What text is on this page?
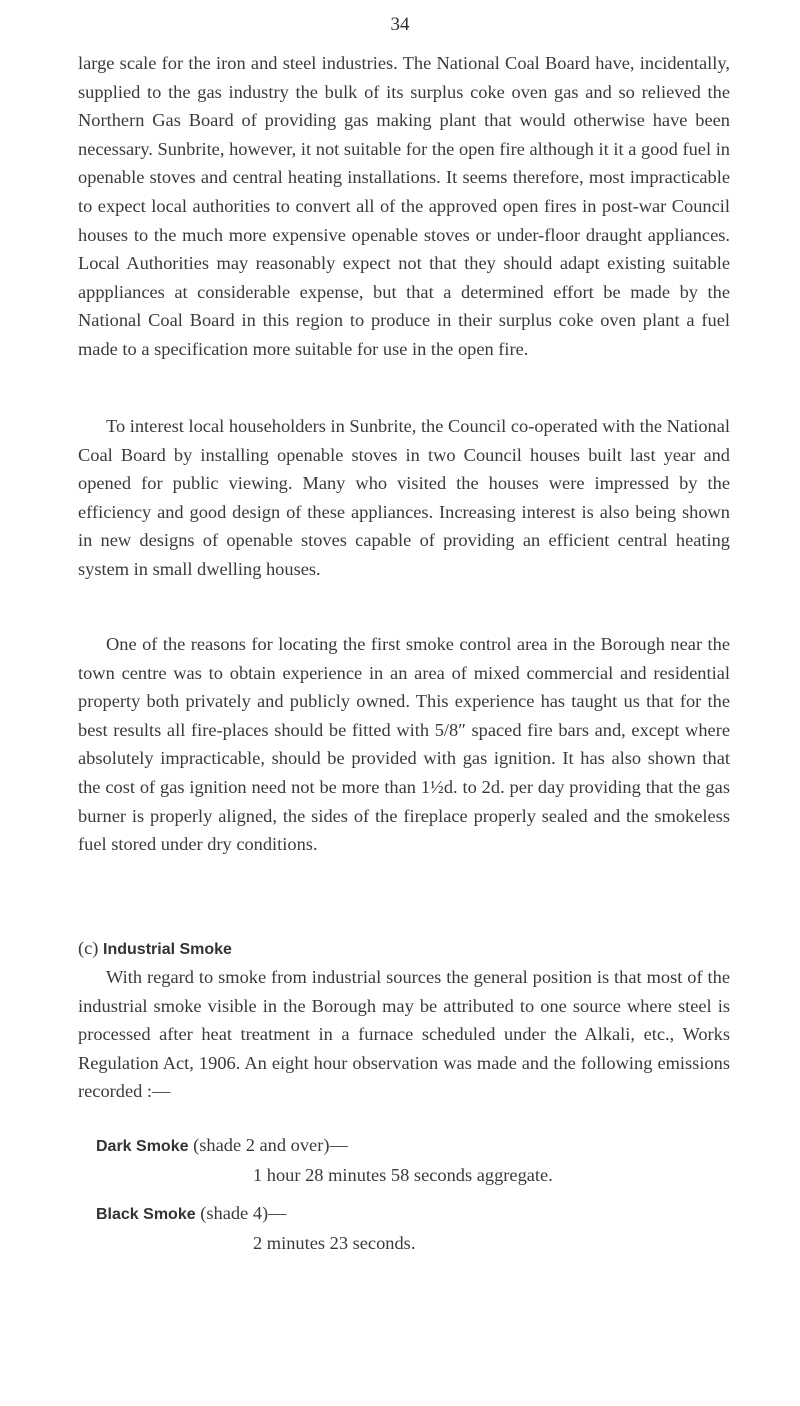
34

large scale for the iron and steel industries. The National Coal Board have, incidentally, supplied to the gas industry the bulk of its surplus coke oven gas and so relieved the Northern Gas Board of providing gas making plant that would otherwise have been necessary. Sunbrite, however, it not suitable for the open fire although it it a good fuel in openable stoves and central heating installations. It seems therefore, most impracticable to expect local authorities to convert all of the approved open fires in post-war Council houses to the much more expensive openable stoves or under-floor draught appliances. Local Authorities may reasonably expect not that they should adapt existing suitable apppliances at considerable expense, but that a determined effort be made by the National Coal Board in this region to produce in their surplus coke oven plant a fuel made to a specification more suitable for use in the open fire.

To interest local householders in Sunbrite, the Council co-operated with the National Coal Board by installing openable stoves in two Council houses built last year and opened for public viewing. Many who visited the houses were impressed by the efficiency and good design of these appliances. Increasing interest is also being shown in new designs of openable stoves capable of providing an efficient central heating system in small dwelling houses.

One of the reasons for locating the first smoke control area in the Borough near the town centre was to obtain experience in an area of mixed commercial and residential property both privately and publicly owned. This experience has taught us that for the best results all fire-places should be fitted with 5/8″ spaced fire bars and, except where absolutely impracticable, should be provided with gas ignition. It has also shown that the cost of gas ignition need not be more than 1½d. to 2d. per day providing that the gas burner is properly aligned, the sides of the fireplace properly sealed and the smokeless fuel stored under dry conditions.

(c) Industrial Smoke

With regard to smoke from industrial sources the general position is that most of the industrial smoke visible in the Borough may be attributed to one source where steel is processed after heat treatment in a furnace scheduled under the Alkali, etc., Works Regulation Act, 1906. An eight hour observation was made and the following emissions recorded :—

Dark Smoke (shade 2 and over)—
1 hour 28 minutes 58 seconds aggregate.
Black Smoke (shade 4)—
2 minutes 23 seconds.
